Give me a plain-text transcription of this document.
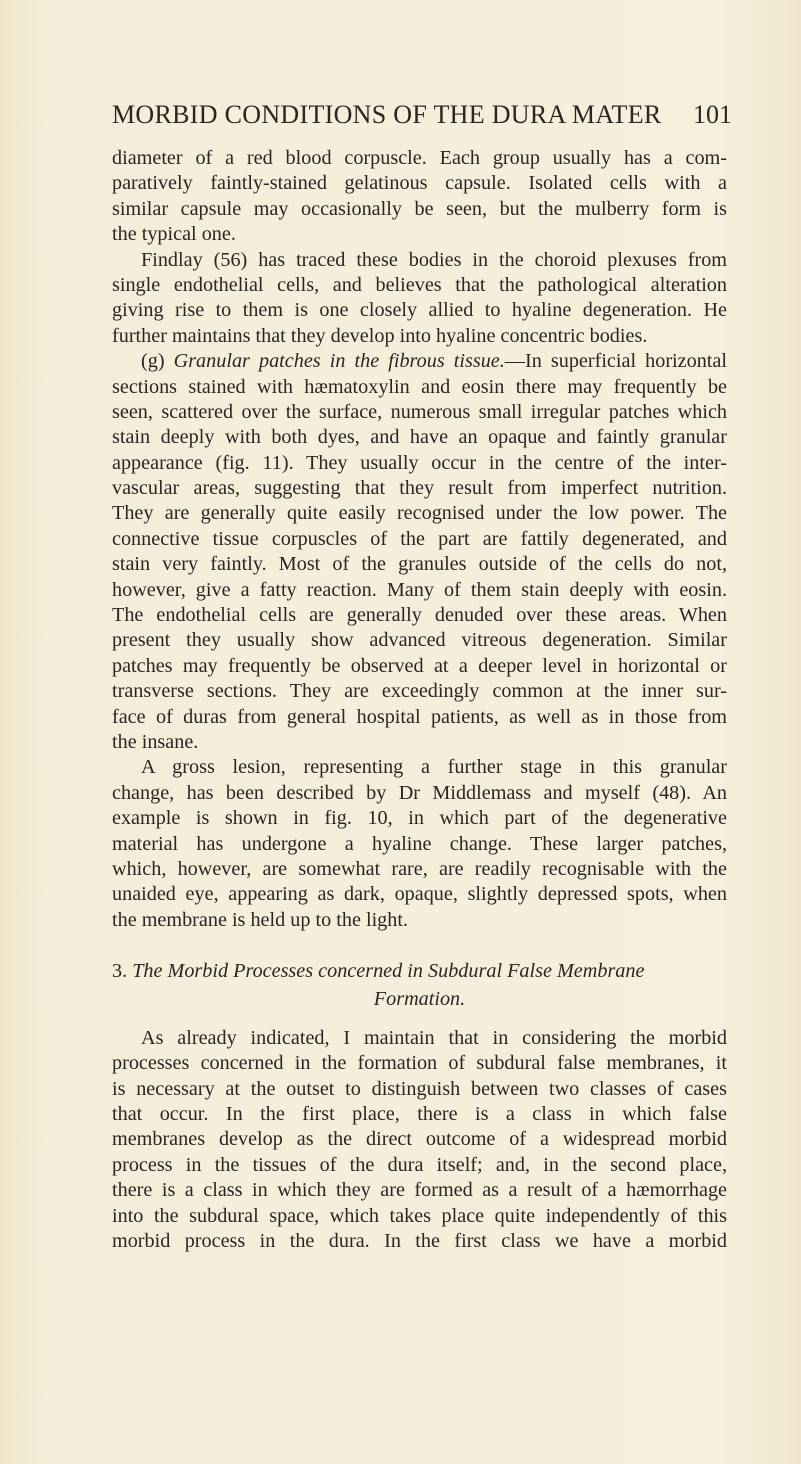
MORBID CONDITIONS OF THE DURA MATER 101
diameter of a red blood corpuscle. Each group usually has a com-
paratively faintly-stained gelatinous capsule. Isolated cells with a
similar capsule may occasionally be seen, but the mulberry form is
the typical one.
Findlay (56) has traced these bodies in the choroid plexuses from
single endothelial cells, and believes that the pathological alteration
giving rise to them is one closely allied to hyaline degeneration. He
further maintains that they develop into hyaline concentric bodies.
(g) Granular patches in the fibrous tissue.—In superficial horizontal
sections stained with hæmatoxylin and eosin there may frequently be
seen, scattered over the surface, numerous small irregular patches which
stain deeply with both dyes, and have an opaque and faintly granular
appearance (fig. 11). They usually occur in the centre of the inter-
vascular areas, suggesting that they result from imperfect nutrition.
They are generally quite easily recognised under the low power. The
connective tissue corpuscles of the part are fattily degenerated, and
stain very faintly. Most of the granules outside of the cells do not,
however, give a fatty reaction. Many of them stain deeply with eosin.
The endothelial cells are generally denuded over these areas. When
present they usually show advanced vitreous degeneration. Similar
patches may frequently be observed at a deeper level in horizontal or
transverse sections. They are exceedingly common at the inner sur-
face of duras from general hospital patients, as well as in those from
the insane.
A gross lesion, representing a further stage in this granular
change, has been described by Dr Middlemass and myself (48). An
example is shown in fig. 10, in which part of the degenerative
material has undergone a hyaline change. These larger patches,
which, however, are somewhat rare, are readily recognisable with the
unaided eye, appearing as dark, opaque, slightly depressed spots, when
the membrane is held up to the light.
3. The Morbid Processes concerned in Subdural False Membrane
Formation.
As already indicated, I maintain that in considering the morbid
processes concerned in the formation of subdural false membranes, it
is necessary at the outset to distinguish between two classes of cases
that occur. In the first place, there is a class in which false
membranes develop as the direct outcome of a widespread morbid
process in the tissues of the dura itself; and, in the second place,
there is a class in which they are formed as a result of a hæmorrhage
into the subdural space, which takes place quite independently of this
morbid process in the dura. In the first class we have a morbid
